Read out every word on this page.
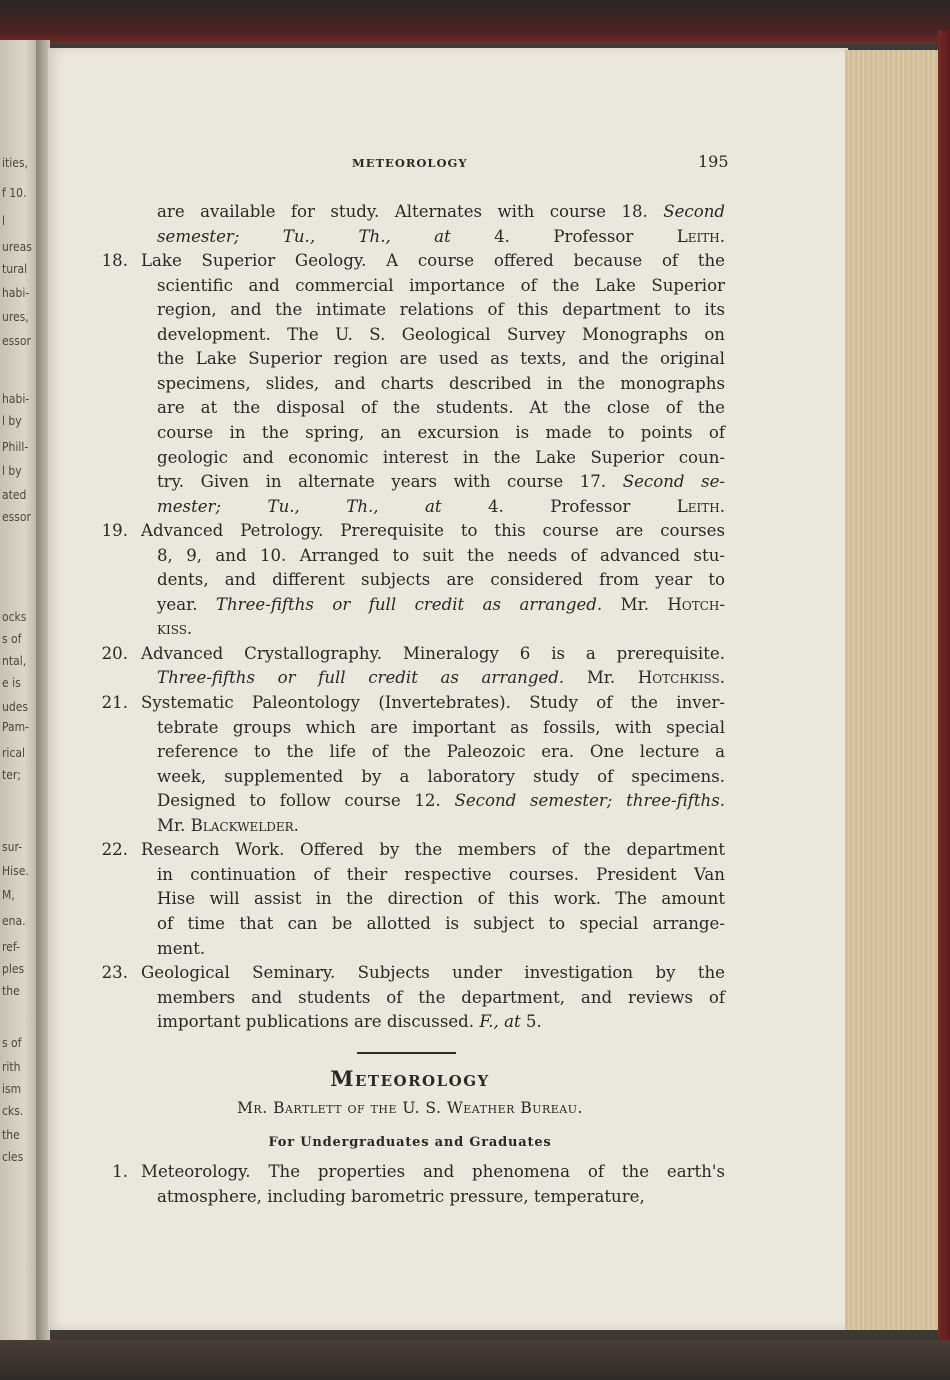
ities,
f 10.
l
ureas
tural
habi-
ures,
essor
habi-
l by
Phill-
l by
ated
essor
ocks
s of
ntal,
e is
udes
Pam-
rical
ter;
sur-
Hise.
M,
ena.
ref-
ples
the
s of
rith
ism
cks.
the
cles
METEOROLOGY	195
are available for study. Alternates with course 18. Second
semester; Tu., Th., at 4. Professor Leith.
18. Lake Superior Geology. A course offered because of the
scientific and commercial importance of the Lake Superior
region, and the intimate relations of this department to its
development. The U. S. Geological Survey Monographs on
the Lake Superior region are used as texts, and the original
specimens, slides, and charts described in the monographs
are at the disposal of the students. At the close of the
course in the spring, an excursion is made to points of
geologic and economic interest in the Lake Superior coun-
try. Given in alternate years with course 17. Second se-
mester; Tu., Th., at 4. Professor Leith.
19. Advanced Petrology. Prerequisite to this course are courses
8, 9, and 10. Arranged to suit the needs of advanced stu-
dents, and different subjects are considered from year to
year. Three-fifths or full credit as arranged. Mr. Hotch-
kiss.
20. Advanced Crystallography. Mineralogy 6 is a prerequisite.
Three-fifths or full credit as arranged. Mr. Hotchkiss.
21. Systematic Paleontology (Invertebrates). Study of the inver-
tebrate groups which are important as fossils, with special
reference to the life of the Paleozoic era. One lecture a
week, supplemented by a laboratory study of specimens.
Designed to follow course 12. Second semester; three-fifths.
Mr. Blackwelder.
22. Research Work. Offered by the members of the department
in continuation of their respective courses. President Van
Hise will assist in the direction of this work. The amount
of time that can be allotted is subject to special arrange-
ment.
23. Geological Seminary. Subjects under investigation by the
members and students of the department, and reviews of
important publications are discussed. F., at 5.
1. Meteorology. The properties and phenomena of the earth's
atmosphere, including barometric pressure, temperature,
Meteorology
Mr. Bartlett of the U. S. Weather Bureau.
For Undergraduates and Graduates
